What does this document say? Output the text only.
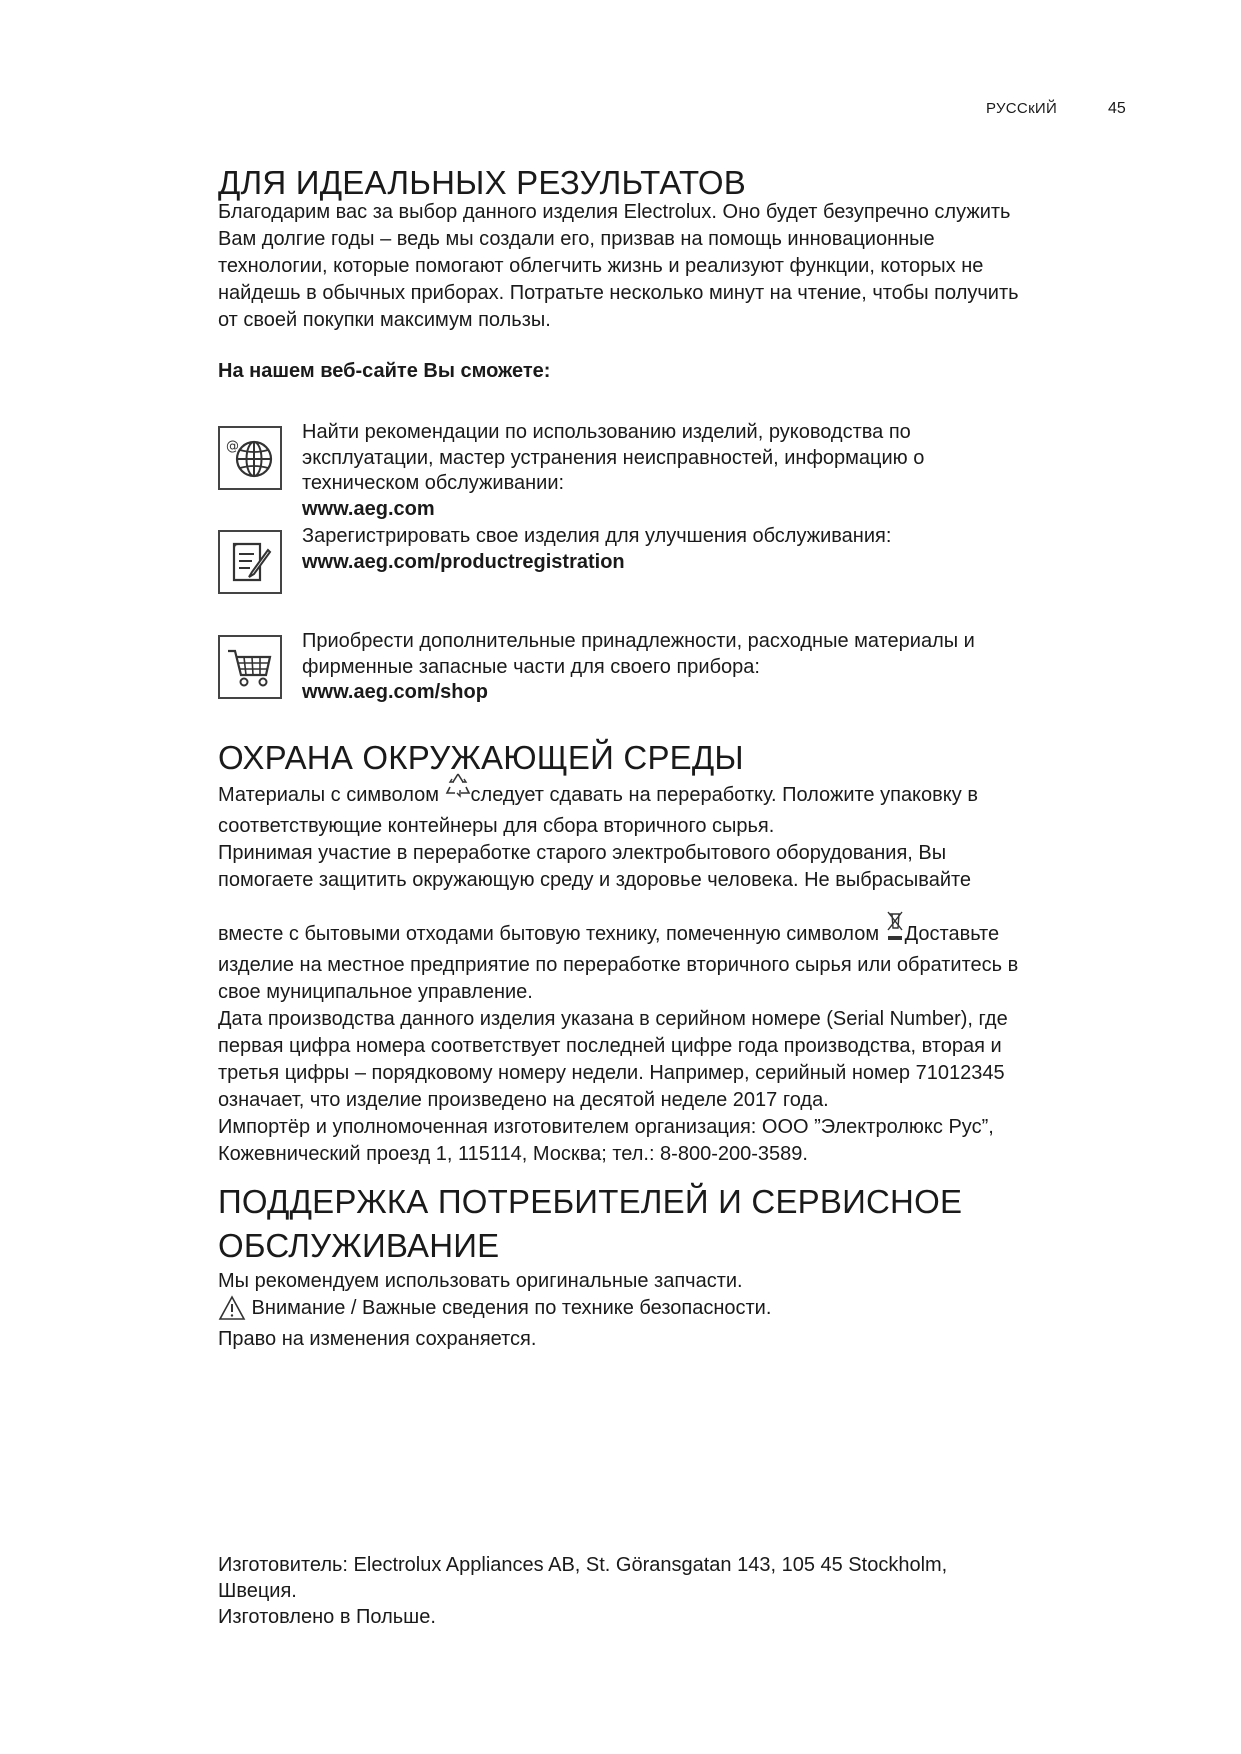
РУССкИЙ	45
ДЛЯ ИДЕАЛЬНЫХ РЕЗУЛЬТАТОВ

Благодарим вас за выбор данного изделия Electrolux. Оно будет безупречно служить
Вам долгие годы – ведь мы создали его, призвав на помощь инновационные
технологии, которые помогают облегчить жизнь и реализуют функции, которых не
найдешь в обычных приборах. Потратьте несколько минут на чтение, чтобы получить
от своей покупки максимум пользы.

На нашем веб-сайте Вы сможете:
@
Найти рекомендации по использованию изделий, руководства по
эксплуатации, мастер устранения неисправностей, информацию о
техническом обслуживании:
www.aeg.com
Зарегистрировать свое изделия для улучшения обслуживания:
www.aeg.com/productregistration
Приобрести дополнительные принадлежности, расходные материалы и
фирменные запасные части для своего прибора:
www.aeg.com/shop
ОХРАНА ОКРУЖАЮЩЕЙ СРЕДЫ

Материалы с символом следует сдавать на переработку. Положите упаковку в
соответствующие контейнеры для сбора вторичного сырья.
Принимая участие в переработке старого электробытового оборудования, Вы
помогаете защитить окружающую среду и здоровье человека. Не выбрасывайте

вместе с бытовыми отходами бытовую технику, помеченную символом Доставьте
изделие на местное предприятие по переработке вторичного сырья или обратитесь в
свое муниципальное управление.
Дата производства данного изделия указана в серийном номере (Serial Number), где
первая цифра номера соответствует последней цифре года производства, вторая и
третья цифры – порядковому номеру недели. Например, серийный номер 71012345
означает, что изделие произведено на десятой неделе 2017 года.
Импортёр и уполномоченная изготовителем организация: ООО ”Электролюкс Рус”,
Кожевнический проезд 1, 115114, Москва; тел.: 8-800-200-3589.

ПОДДЕРЖКА ПОТРЕБИТЕЛЕЙ И СЕРВИСНОЕ
ОБСЛУЖИВАНИЕ

Мы рекомендуем использовать оригинальные запчасти.
Внимание / Важные сведения по технике безопасности.
Право на изменения сохраняется.

Изготовитель: Electrolux Appliances AB, St. Göransgatan 143, 105 45 Stockholm,
Швеция.
Изготовлено в Польше.
